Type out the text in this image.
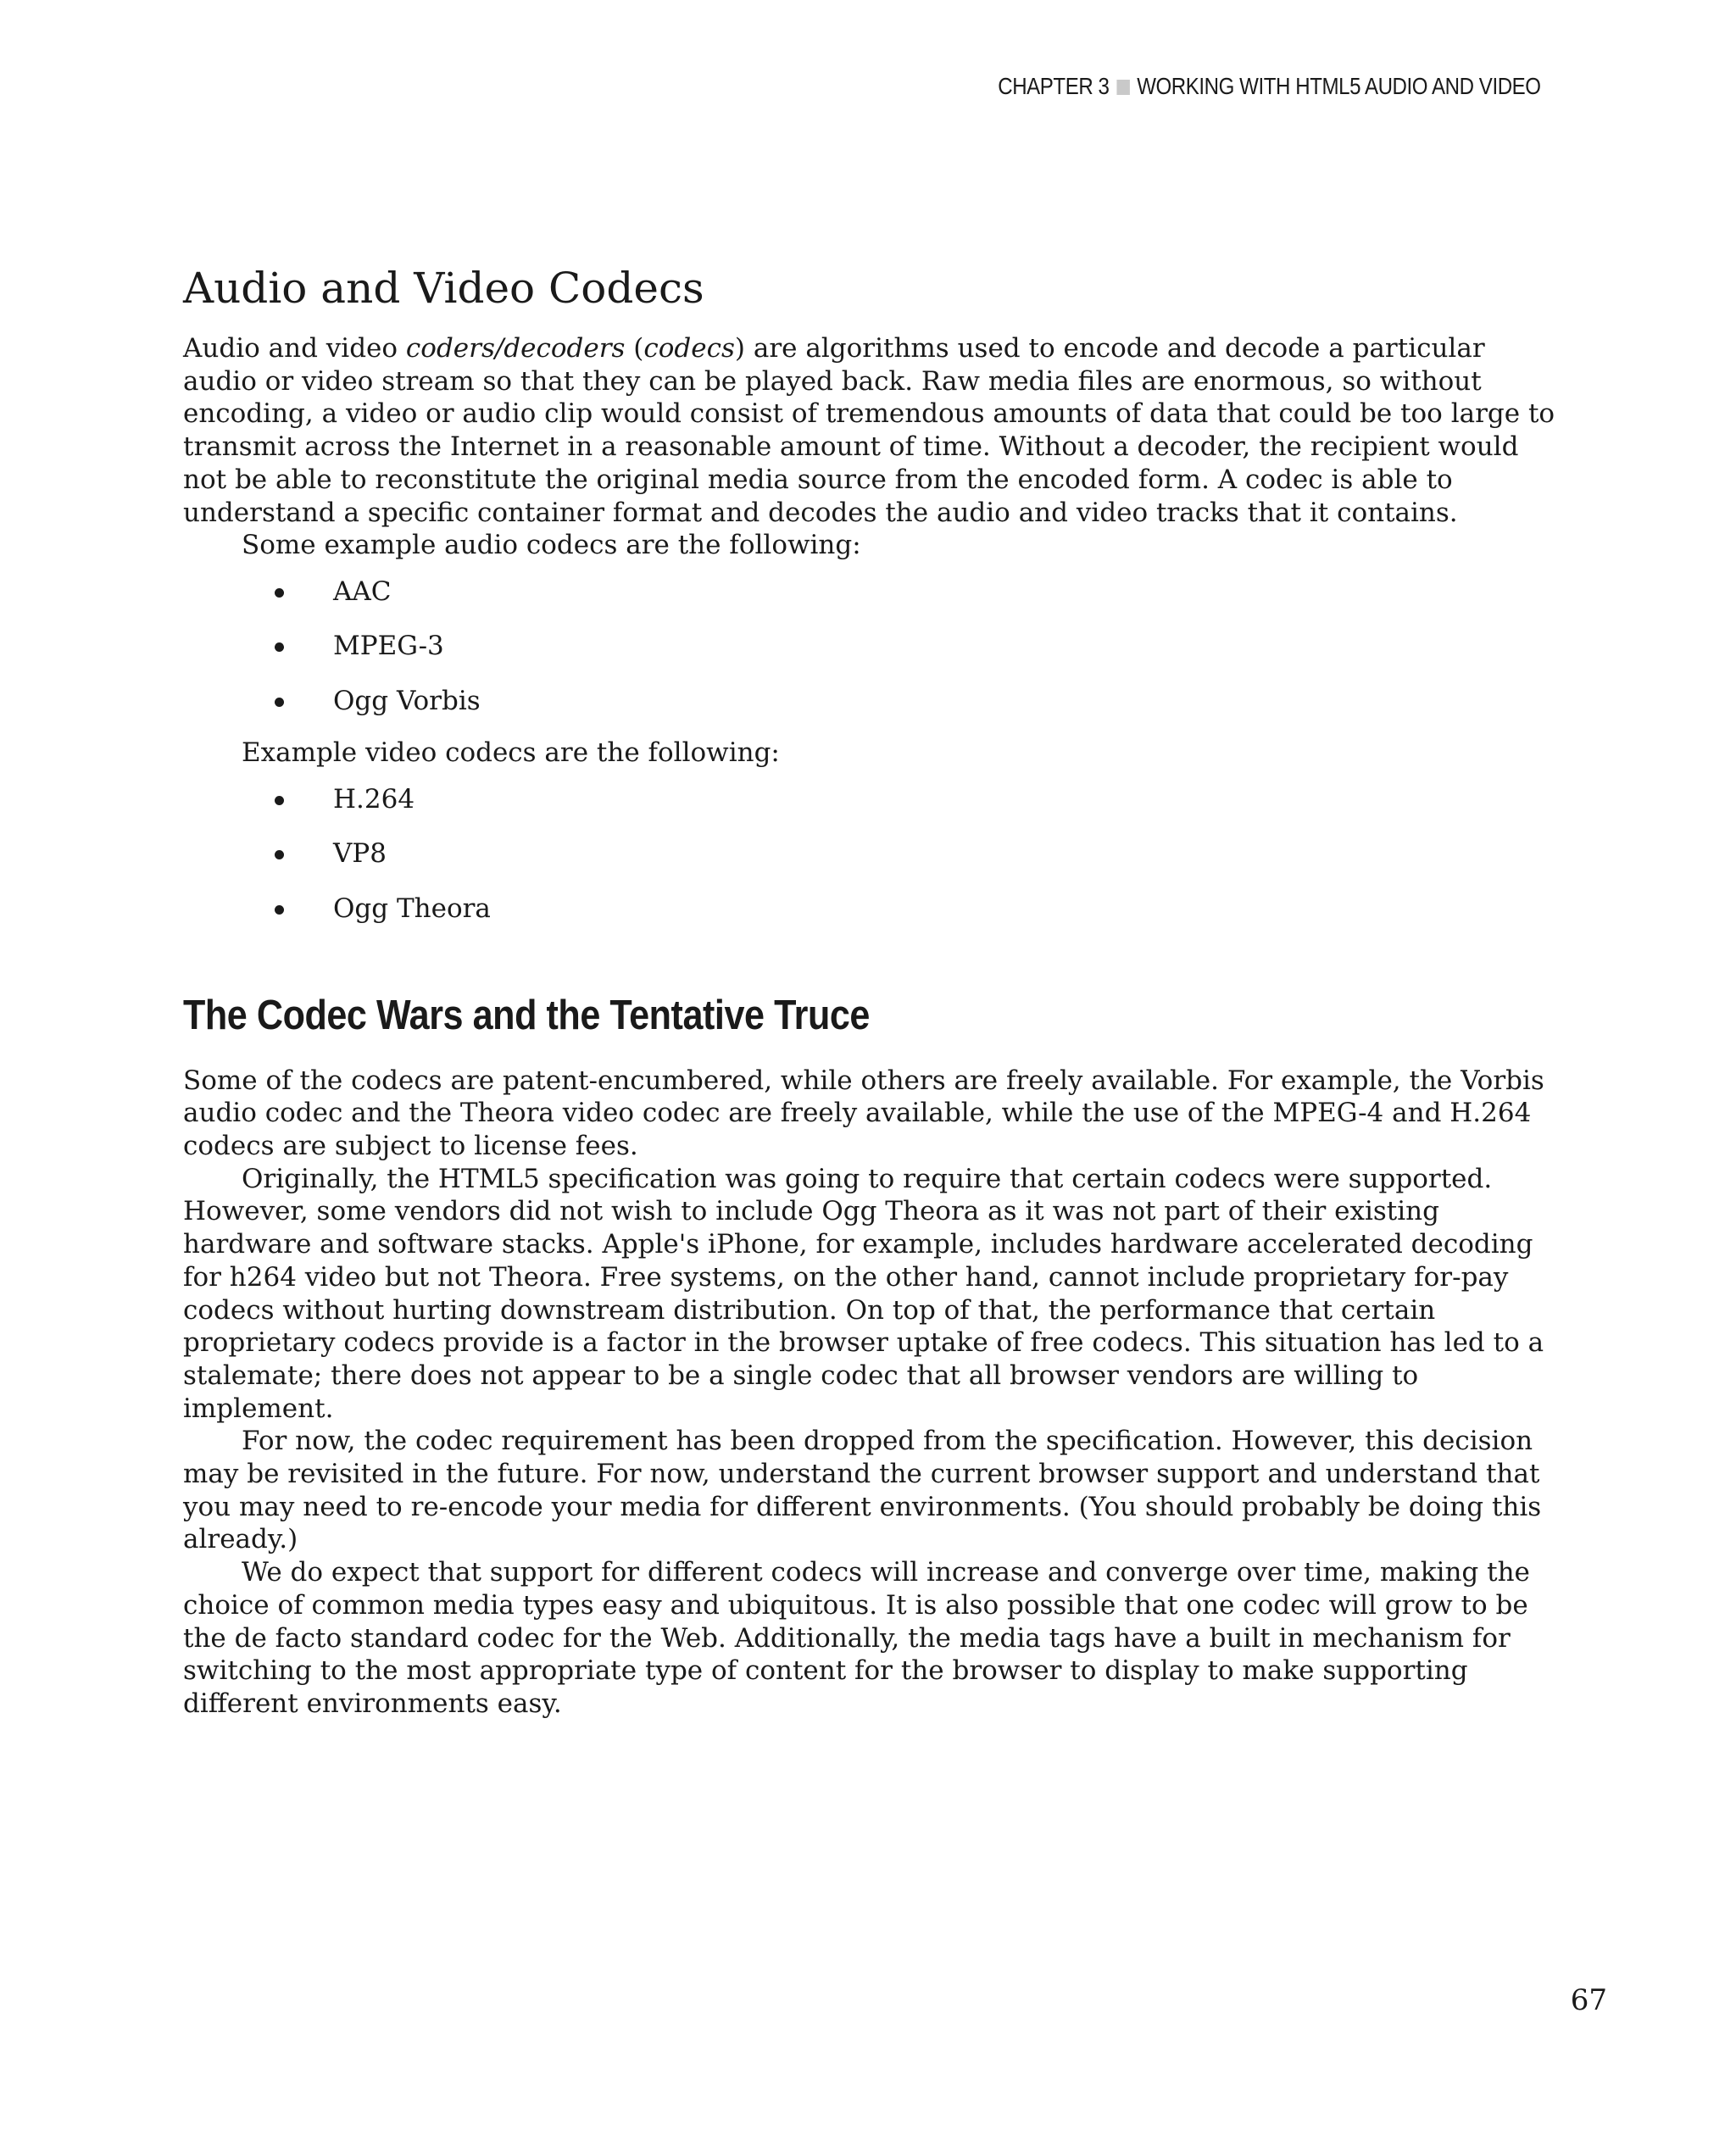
CHAPTER 3 WORKING WITH HTML5 AUDIO AND VIDEO
Audio and Video Codecs

Audio and video coders/decoders (codecs) are algorithms used to encode and decode a particular audio or video stream so that they can be played back. Raw media files are enormous, so without encoding, a video or audio clip would consist of tremendous amounts of data that could be too large to transmit across the Internet in a reasonable amount of time. Without a decoder, the recipient would not be able to reconstitute the original media source from the encoded form. A codec is able to understand a specific container format and decodes the audio and video tracks that it contains.

Some example audio codecs are the following:

AAC
MPEG-3
Ogg Vorbis

Example video codecs are the following:

H.264
VP8
Ogg Theora
The Codec Wars and the Tentative Truce

Some of the codecs are patent-encumbered, while others are freely available. For example, the Vorbis audio codec and the Theora video codec are freely available, while the use of the MPEG-4 and H.264 codecs are subject to license fees.

Originally, the HTML5 specification was going to require that certain codecs were supported. However, some vendors did not wish to include Ogg Theora as it was not part of their existing hardware and software stacks. Apple's iPhone, for example, includes hardware accelerated decoding for h264 video but not Theora. Free systems, on the other hand, cannot include proprietary for-pay codecs without hurting downstream distribution. On top of that, the performance that certain proprietary codecs provide is a factor in the browser uptake of free codecs. This situation has led to a stalemate; there does not appear to be a single codec that all browser vendors are willing to implement.

For now, the codec requirement has been dropped from the specification. However, this decision may be revisited in the future. For now, understand the current browser support and understand that you may need to re-encode your media for different environments. (You should probably be doing this already.)

We do expect that support for different codecs will increase and converge over time, making the choice of common media types easy and ubiquitous. It is also possible that one codec will grow to be the de facto standard codec for the Web. Additionally, the media tags have a built in mechanism for switching to the most appropriate type of content for the browser to display to make supporting different environments easy.

67
